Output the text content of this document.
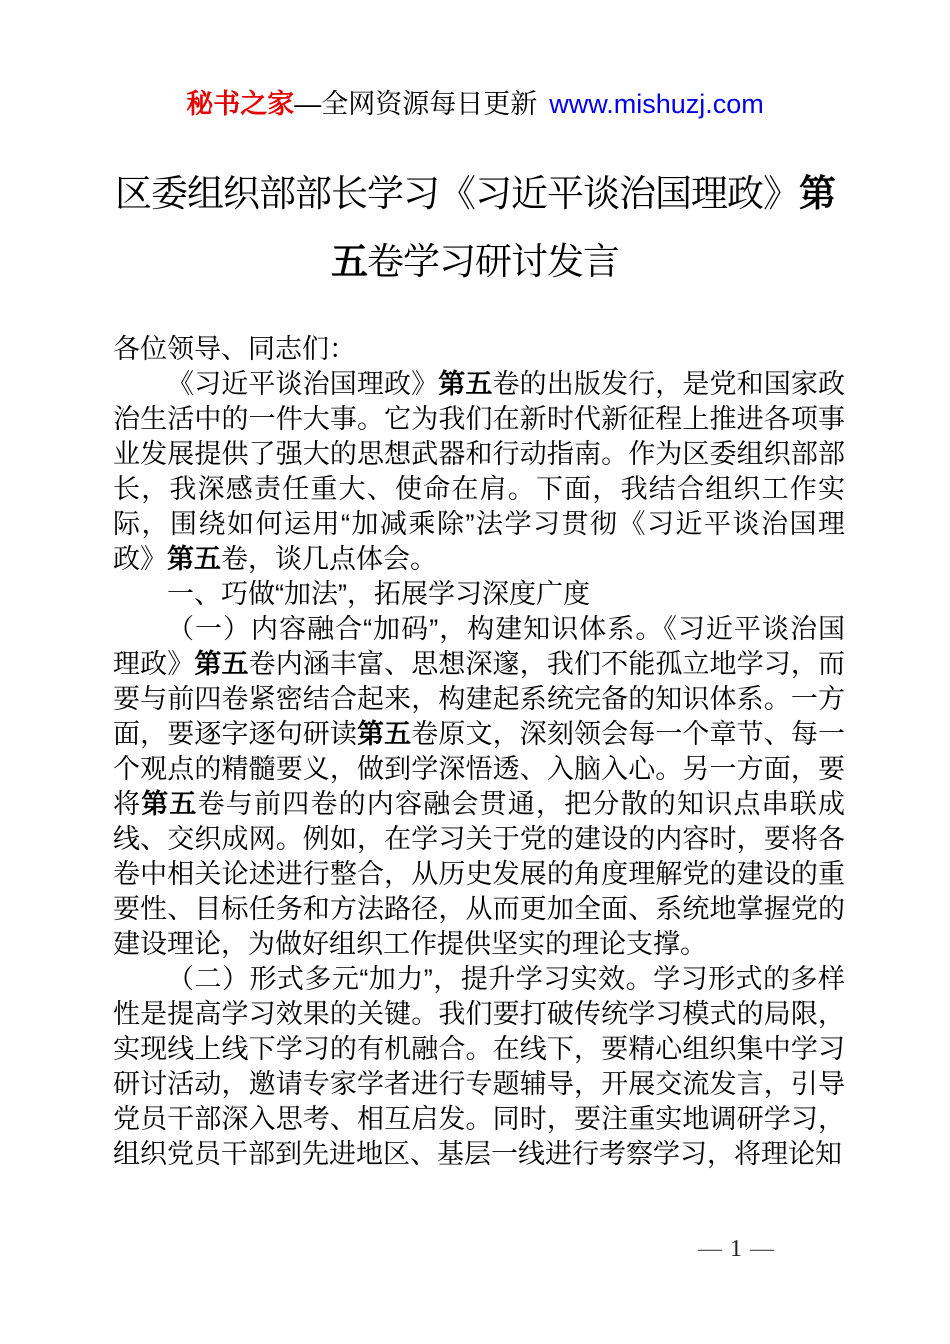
秘书之家—全网资源每日更新 www.mishuzj.com
区委组织部部长学习《习近平谈治国理政》第五卷学习研讨发言

各位领导、同志们：

《习近平谈治国理政》第五卷的出版发行，是党和国家政治生活中的一件大事。它为我们在新时代新征程上推进各项事业发展提供了强大的思想武器和行动指南。作为区委组织部部长，我深感责任重大、使命在肩。下面，我结合组织工作实际，围绕如何运用“加减乘除”法学习贯彻《习近平谈治国理政》第五卷，谈几点体会。

一、巧做“加法”，拓展学习深度广度

（一）内容融合“加码”，构建知识体系。《习近平谈治国理政》第五卷内涵丰富、思想深邃，我们不能孤立地学习，而要与前四卷紧密结合起来，构建起系统完备的知识体系。一方面，要逐字逐句研读第五卷原文，深刻领会每一个章节、每一个观点的精髓要义，做到学深悟透、入脑入心。另一方面，要将第五卷与前四卷的内容融会贯通，把分散的知识点串联成线、交织成网。例如，在学习关于党的建设的内容时，要将各卷中相关论述进行整合，从历史发展的角度理解党的建设的重要性、目标任务和方法路径，从而更加全面、系统地掌握党的建设理论，为做好组织工作提供坚实的理论支撑。

（二）形式多元“加力”，提升学习实效。学习形式的多样性是提高学习效果的关键。我们要打破传统学习模式的局限，实现线上线下学习的有机融合。在线下，要精心组织集中学习研讨活动，邀请专家学者进行专题辅导，开展交流发言，引导党员干部深入思考、相互启发。同时，要注重实地调研学习，组织党员干部到先进地区、基层一线进行考察学习，将理论知

— 1 —
